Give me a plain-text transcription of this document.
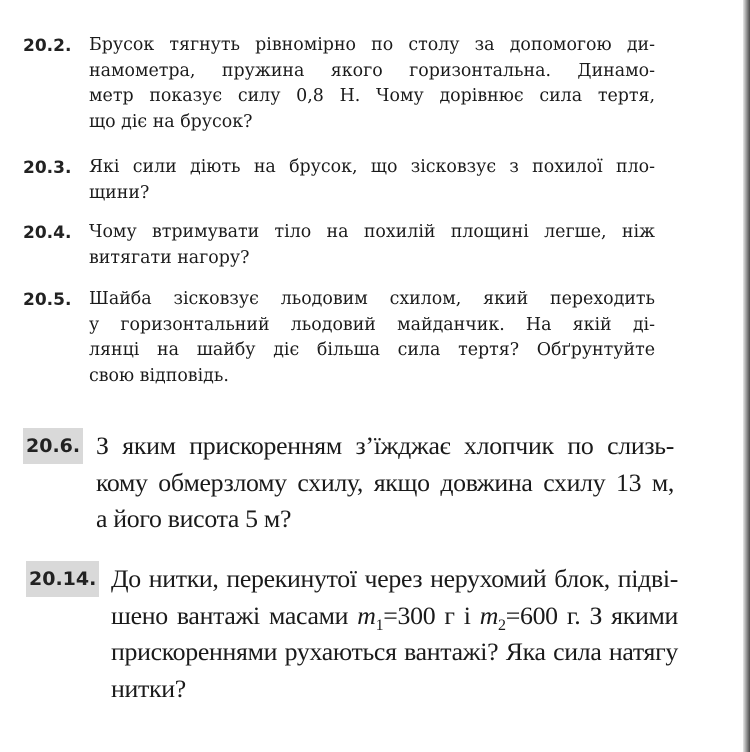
20.2. Брусок тягнуть рівномірно по столу за допомогою ди-
намометра, пружина якого горизонтальна. Динамо-
метр показує силу 0,8 Н. Чому дорівнює сила тертя,
що діє на брусок?
20.3. Які сили діють на брусок, що зісковзує з похилої пло-
щини?
20.4. Чому втримувати тіло на похилій площині легше, ніж
витягати нагору?
20.5. Шайба зісковзує льодовим схилом, який переходить
у горизонтальний льодовий майданчик. На якій ді-
лянці на шайбу діє більша сила тертя? Обґрунтуйте
свою відповідь.
20.6. З яким прискоренням з’їжджає хлопчик по слизь-
кому обмерзлому схилу, якщо довжина схилу 13 м,
а його висота 5 м?
20.14. До нитки, перекинутої через нерухомий блок, підві-
шено вантажі масами $m_1=300$ г і $m_2=600$ г. З якими
прискореннями рухаються вантажі? Яка сила натягу
нитки?
